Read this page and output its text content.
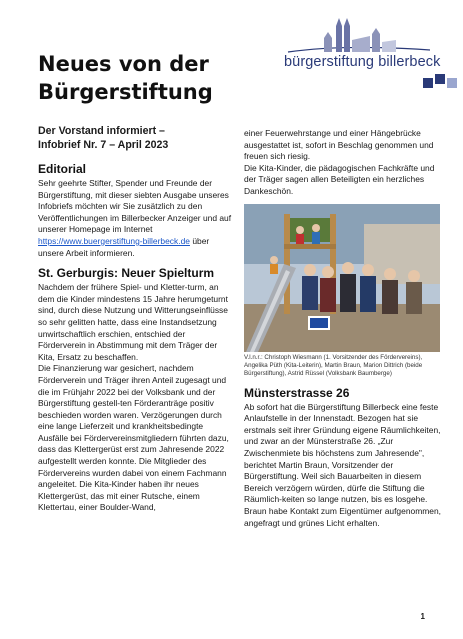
Neues von der
Bürgerstiftung
bürgerstiftung billerbeck
Der Vorstand informiert –
Infobrief Nr. 7 – April 2023
Editorial

Sehr geehrte Stifter, Spender und Freunde der Bürgerstiftung, mit dieser siebten Ausgabe unseres Infobriefs möchten wir Sie zusätzlich zu den Veröffentlichungen im Billerbecker Anzeiger und auf unserer Homepage im Internet https://www.buergerstiftung-billerbeck.de über unsere Arbeit informieren.

St. Gerburgis: Neuer Spielturm

Nachdem der frühere Spiel- und Kletter-turm, an dem die Kinder mindestens 15 Jahre herumgeturnt sind, durch diese Nutzung und Witterungseinflüsse so sehr gelitten hatte, dass eine Instandsetzung unwirtschaftlich erschien, entschied der Förderverein in Abstimmung mit dem Träger der Kita, Ersatz zu beschaffen.

Die Finanzierung war gesichert, nachdem Förderverein und Träger ihren Anteil zugesagt und die im Frühjahr 2022 bei der Volksbank und der Bürgerstiftung gestell-ten Förderanträge positiv beschieden worden waren. Verzögerungen durch eine lange Lieferzeit und krankheitsbedingte Ausfälle bei Fördervereinsmitgliedern führten dazu, dass das Klettergerüst erst zum Jahresende 2022 aufgestellt werden konnte. Die Mitglieder des Fördervereins wurden dabei von einem Fachmann angeleitet. Die Kita-Kinder haben ihr neues Klettergerüst, das mit einer Rutsche, einem Klettertau, einer Boulder-Wand,

einer Feuerwehrstange und einer Hängebrücke ausgestattet ist, sofort in Beschlag genommen und freuen sich riesig.

Die Kita-Kinder, die pädagogischen Fachkräfte und der Träger sagen allen Beteiligten ein herzliches Dankeschön.

V.l.n.r.: Christoph Wiesmann (1. Vorsitzender des Fördervereins), Angelika Püth (Kita-Leiterin), Martin Braun, Marion Dittrich (beide Bürgerstiftung), Astrid Rüssel (Volksbank Baumberge)

Münsterstrasse 26

Ab sofort hat die Bürgerstiftung Billerbeck eine feste Anlaufstelle in der Innenstadt. Bezogen hat sie erstmals seit ihrer Gründung eigene Räumlichkeiten, und zwar an der Münsterstraße 26. „Zur Zwischenmiete bis höchstens zum Jahresende", berichtet Martin Braun, Vorsitzender der Bürgerstiftung. Weil sich Bauarbeiten in diesem Bereich verzögern würden, dürfe die Stiftung die Räumlich-keiten so lange nutzen, bis es losgehe. Braun habe Kontakt zum Eigentümer aufgenommen, angefragt und grünes Licht erhalten.

1
